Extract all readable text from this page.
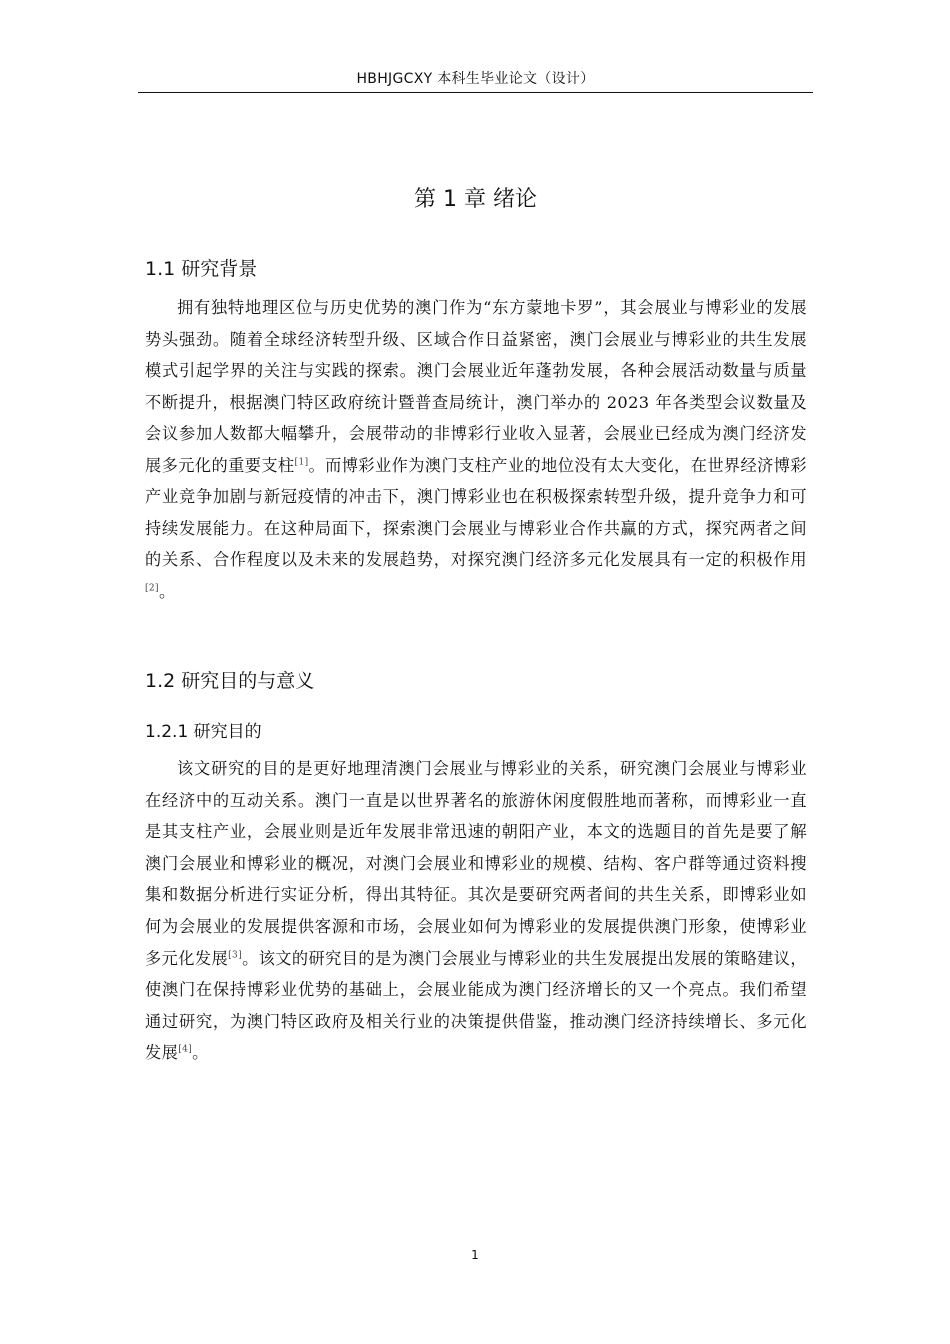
HBHJGCXY 本科生毕业论文（设计）
第 1 章 绪论
1.1 研究背景

拥有独特地理区位与历史优势的澳门作为“东方蒙地卡罗”，其会展业与博彩业的发展势头强劲。随着全球经济转型升级、区域合作日益紧密，澳门会展业与博彩业的共生发展模式引起学界的关注与实践的探索。澳门会展业近年蓬勃发展，各种会展活动数量与质量不断提升，根据澳门特区政府统计暨普查局统计，澳门举办的 2023 年各类型会议数量及会议参加人数都大幅攀升，会展带动的非博彩行业收入显著，会展业已经成为澳门经济发展多元化的重要支柱[1]。而博彩业作为澳门支柱产业的地位没有太大变化，在世界经济博彩产业竞争加剧与新冠疫情的冲击下，澳门博彩业也在积极探索转型升级，提升竞争力和可持续发展能力。在这种局面下，探索澳门会展业与博彩业合作共赢的方式，探究两者之间的关系、合作程度以及未来的发展趋势，对探究澳门经济多元化发展具有一定的积极作用[2]。

1.2 研究目的与意义
1.2.1 研究目的

该文研究的目的是更好地理清澳门会展业与博彩业的关系，研究澳门会展业与博彩业在经济中的互动关系。澳门一直是以世界著名的旅游休闲度假胜地而著称，而博彩业一直是其支柱产业，会展业则是近年发展非常迅速的朝阳产业，本文的选题目的首先是要了解澳门会展业和博彩业的概况，对澳门会展业和博彩业的规模、结构、客户群等通过资料搜集和数据分析进行实证分析，得出其特征。其次是要研究两者间的共生关系，即博彩业如何为会展业的发展提供客源和市场，会展业如何为博彩业的发展提供澳门形象，使博彩业多元化发展[3]。该文的研究目的是为澳门会展业与博彩业的共生发展提出发展的策略建议，使澳门在保持博彩业优势的基础上，会展业能成为澳门经济增长的又一个亮点。我们希望通过研究，为澳门特区政府及相关行业的决策提供借鉴，推动澳门经济持续增长、多元化发展[4]。

1
